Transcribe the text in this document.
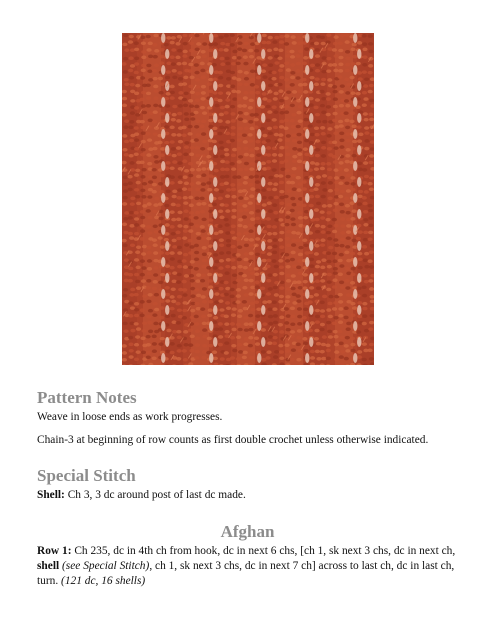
Pattern Notes

Weave in loose ends as work progresses.

Chain-3 at beginning of row counts as first double crochet unless otherwise indicated.

Special Stitch

Shell: Ch 3, 3 dc around post of last dc made.

Afghan

Row 1: Ch 235, dc in 4th ch from hook, dc in next 6 chs, [ch 1, sk next 3 chs, dc in next ch, shell (see Special Stitch), ch 1, sk next 3 chs, dc in next 7 ch] across to last ch, dc in last ch, turn. (121 dc, 16 shells)
